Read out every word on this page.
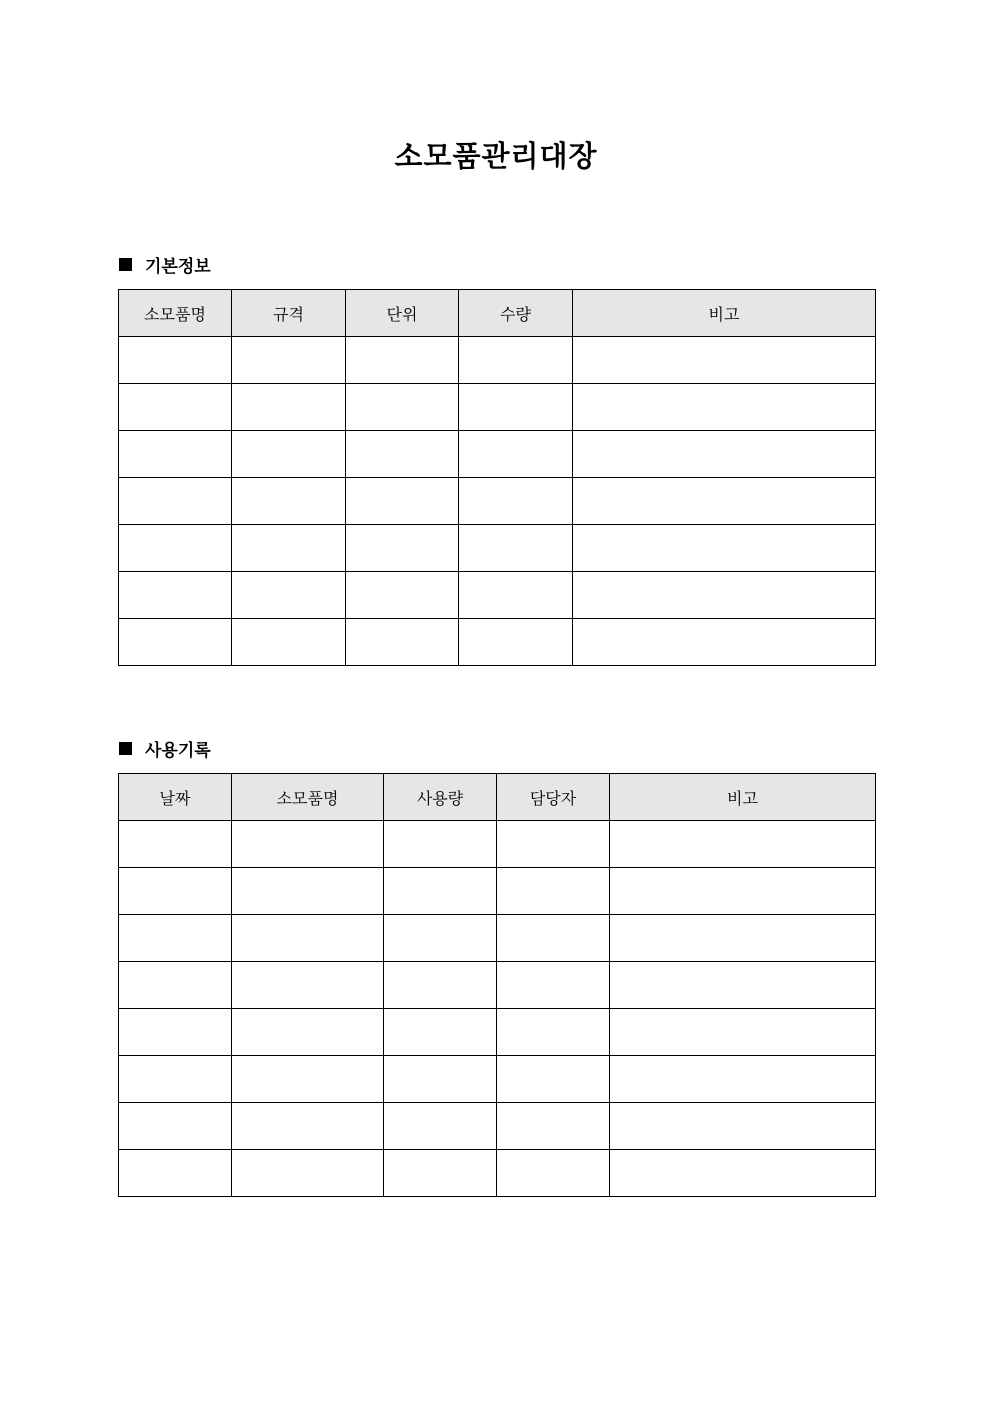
소모품관리대장
기본정보
소모품명	규격	단위	수량	비고

사용기록
날짜	소모품명	사용량	담당자	비고
